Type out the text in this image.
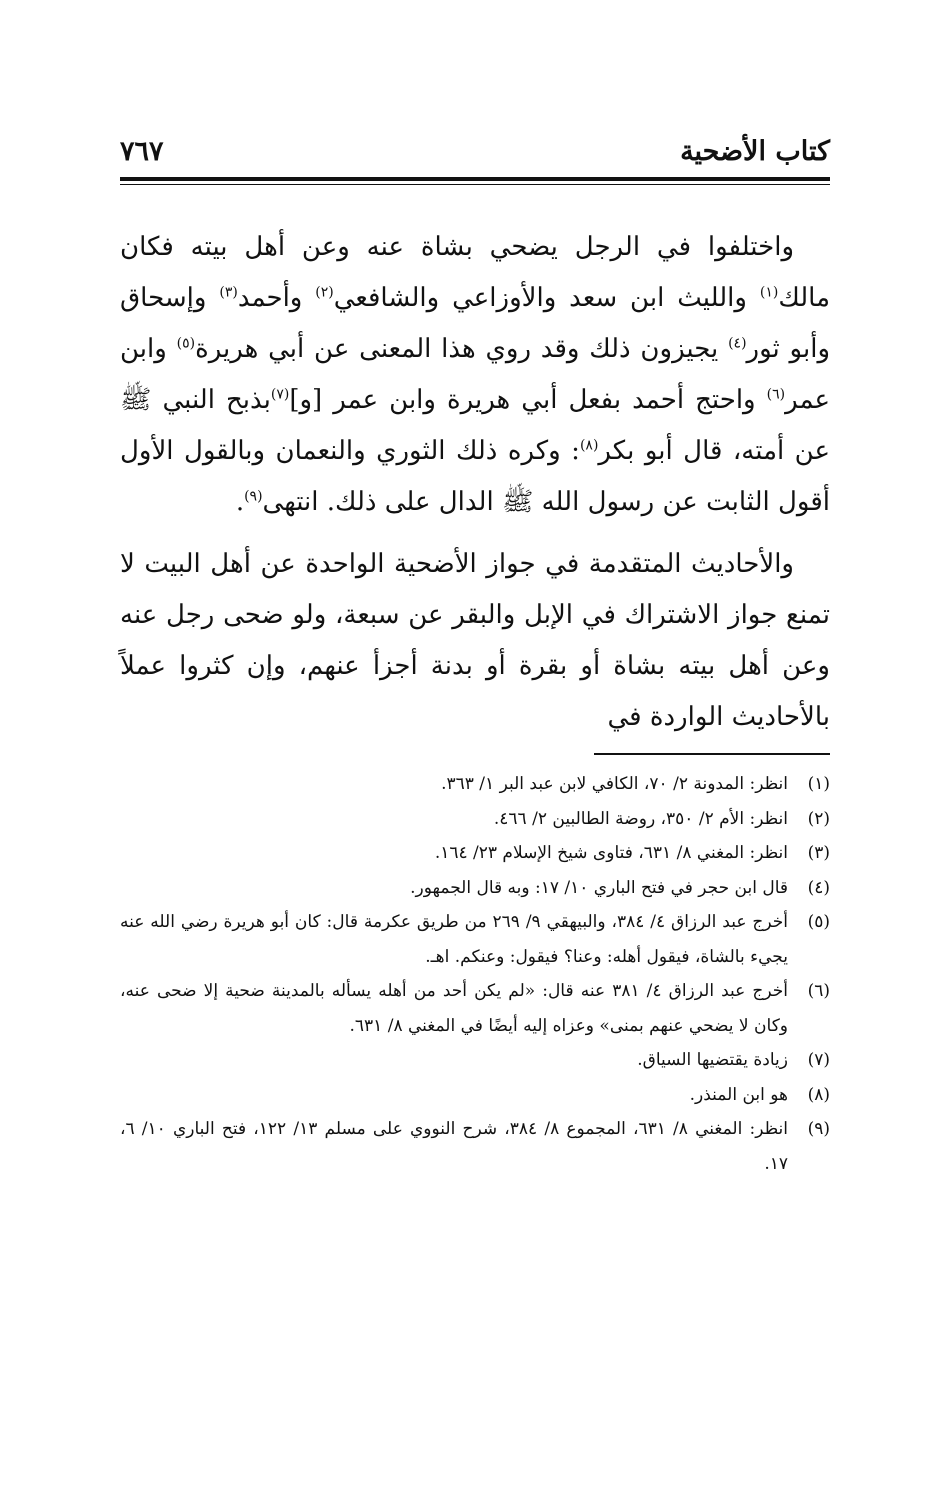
كتاب الأضحية
٧٦٧

واختلفوا في الرجل يضحي بشاة عنه وعن أهل بيته فكان مالك$^{(١)}$ والليث ابن سعد والأوزاعي والشافعي$^{(٢)}$ وأحمد$^{(٣)}$ وإسحاق وأبو ثور$^{(٤)}$ يجيزون ذلك وقد روي هذا المعنى عن أبي هريرة$^{(٥)}$ وابن عمر$^{(٦)}$ واحتج أحمد بفعل أبي هريرة وابن عمر [و]$^{(٧)}$بذبح النبي ﷺ عن أمته، قال أبو بكر$^{(٨)}$: وكره ذلك الثوري والنعمان وبالقول الأول أقول الثابت عن رسول الله ﷺ الدال على ذلك. انتهى$^{(٩)}$.

والأحاديث المتقدمة في جواز الأضحية الواحدة عن أهل البيت لا تمنع جواز الاشتراك في الإبل والبقر عن سبعة، ولو ضحى رجل عنه وعن أهل بيته بشاة أو بقرة أو بدنة أجزأ عنهم، وإن كثروا عملاً بالأحاديث الواردة في

(١)انظر: المدونة ٢/ ٧٠، الكافي لابن عبد البر ١/ ٣٦٣.

(٢)انظر: الأم ٢/ ٣٥٠، روضة الطالبين ٢/ ٤٦٦.

(٣)انظر: المغني ٨/ ٦٣١، فتاوى شيخ الإسلام ٢٣/ ١٦٤.

(٤)قال ابن حجر في فتح الباري ١٠/ ١٧: وبه قال الجمهور.

(٥)أخرج عبد الرزاق ٤/ ٣٨٤، والبيهقي ٩/ ٢٦٩ من طريق عكرمة قال: كان أبو هريرة رضي الله عنه يجيء بالشاة، فيقول أهله: وعنا؟ فيقول: وعنكم. اهـ.

(٦)أخرج عبد الرزاق ٤/ ٣٨١ عنه قال: «لم يكن أحد من أهله يسأله بالمدينة ضحية إلا ضحى عنه، وكان لا يضحي عنهم بمنى» وعزاه إليه أيضًا في المغني ٨/ ٦٣١.

(٧)زيادة يقتضيها السياق.

(٨)هو ابن المنذر.

(٩)انظر: المغني ٨/ ٦٣١، المجموع ٨/ ٣٨٤، شرح النووي على مسلم ١٣/ ١٢٢، فتح الباري ١٠/ ٦، ١٧.
